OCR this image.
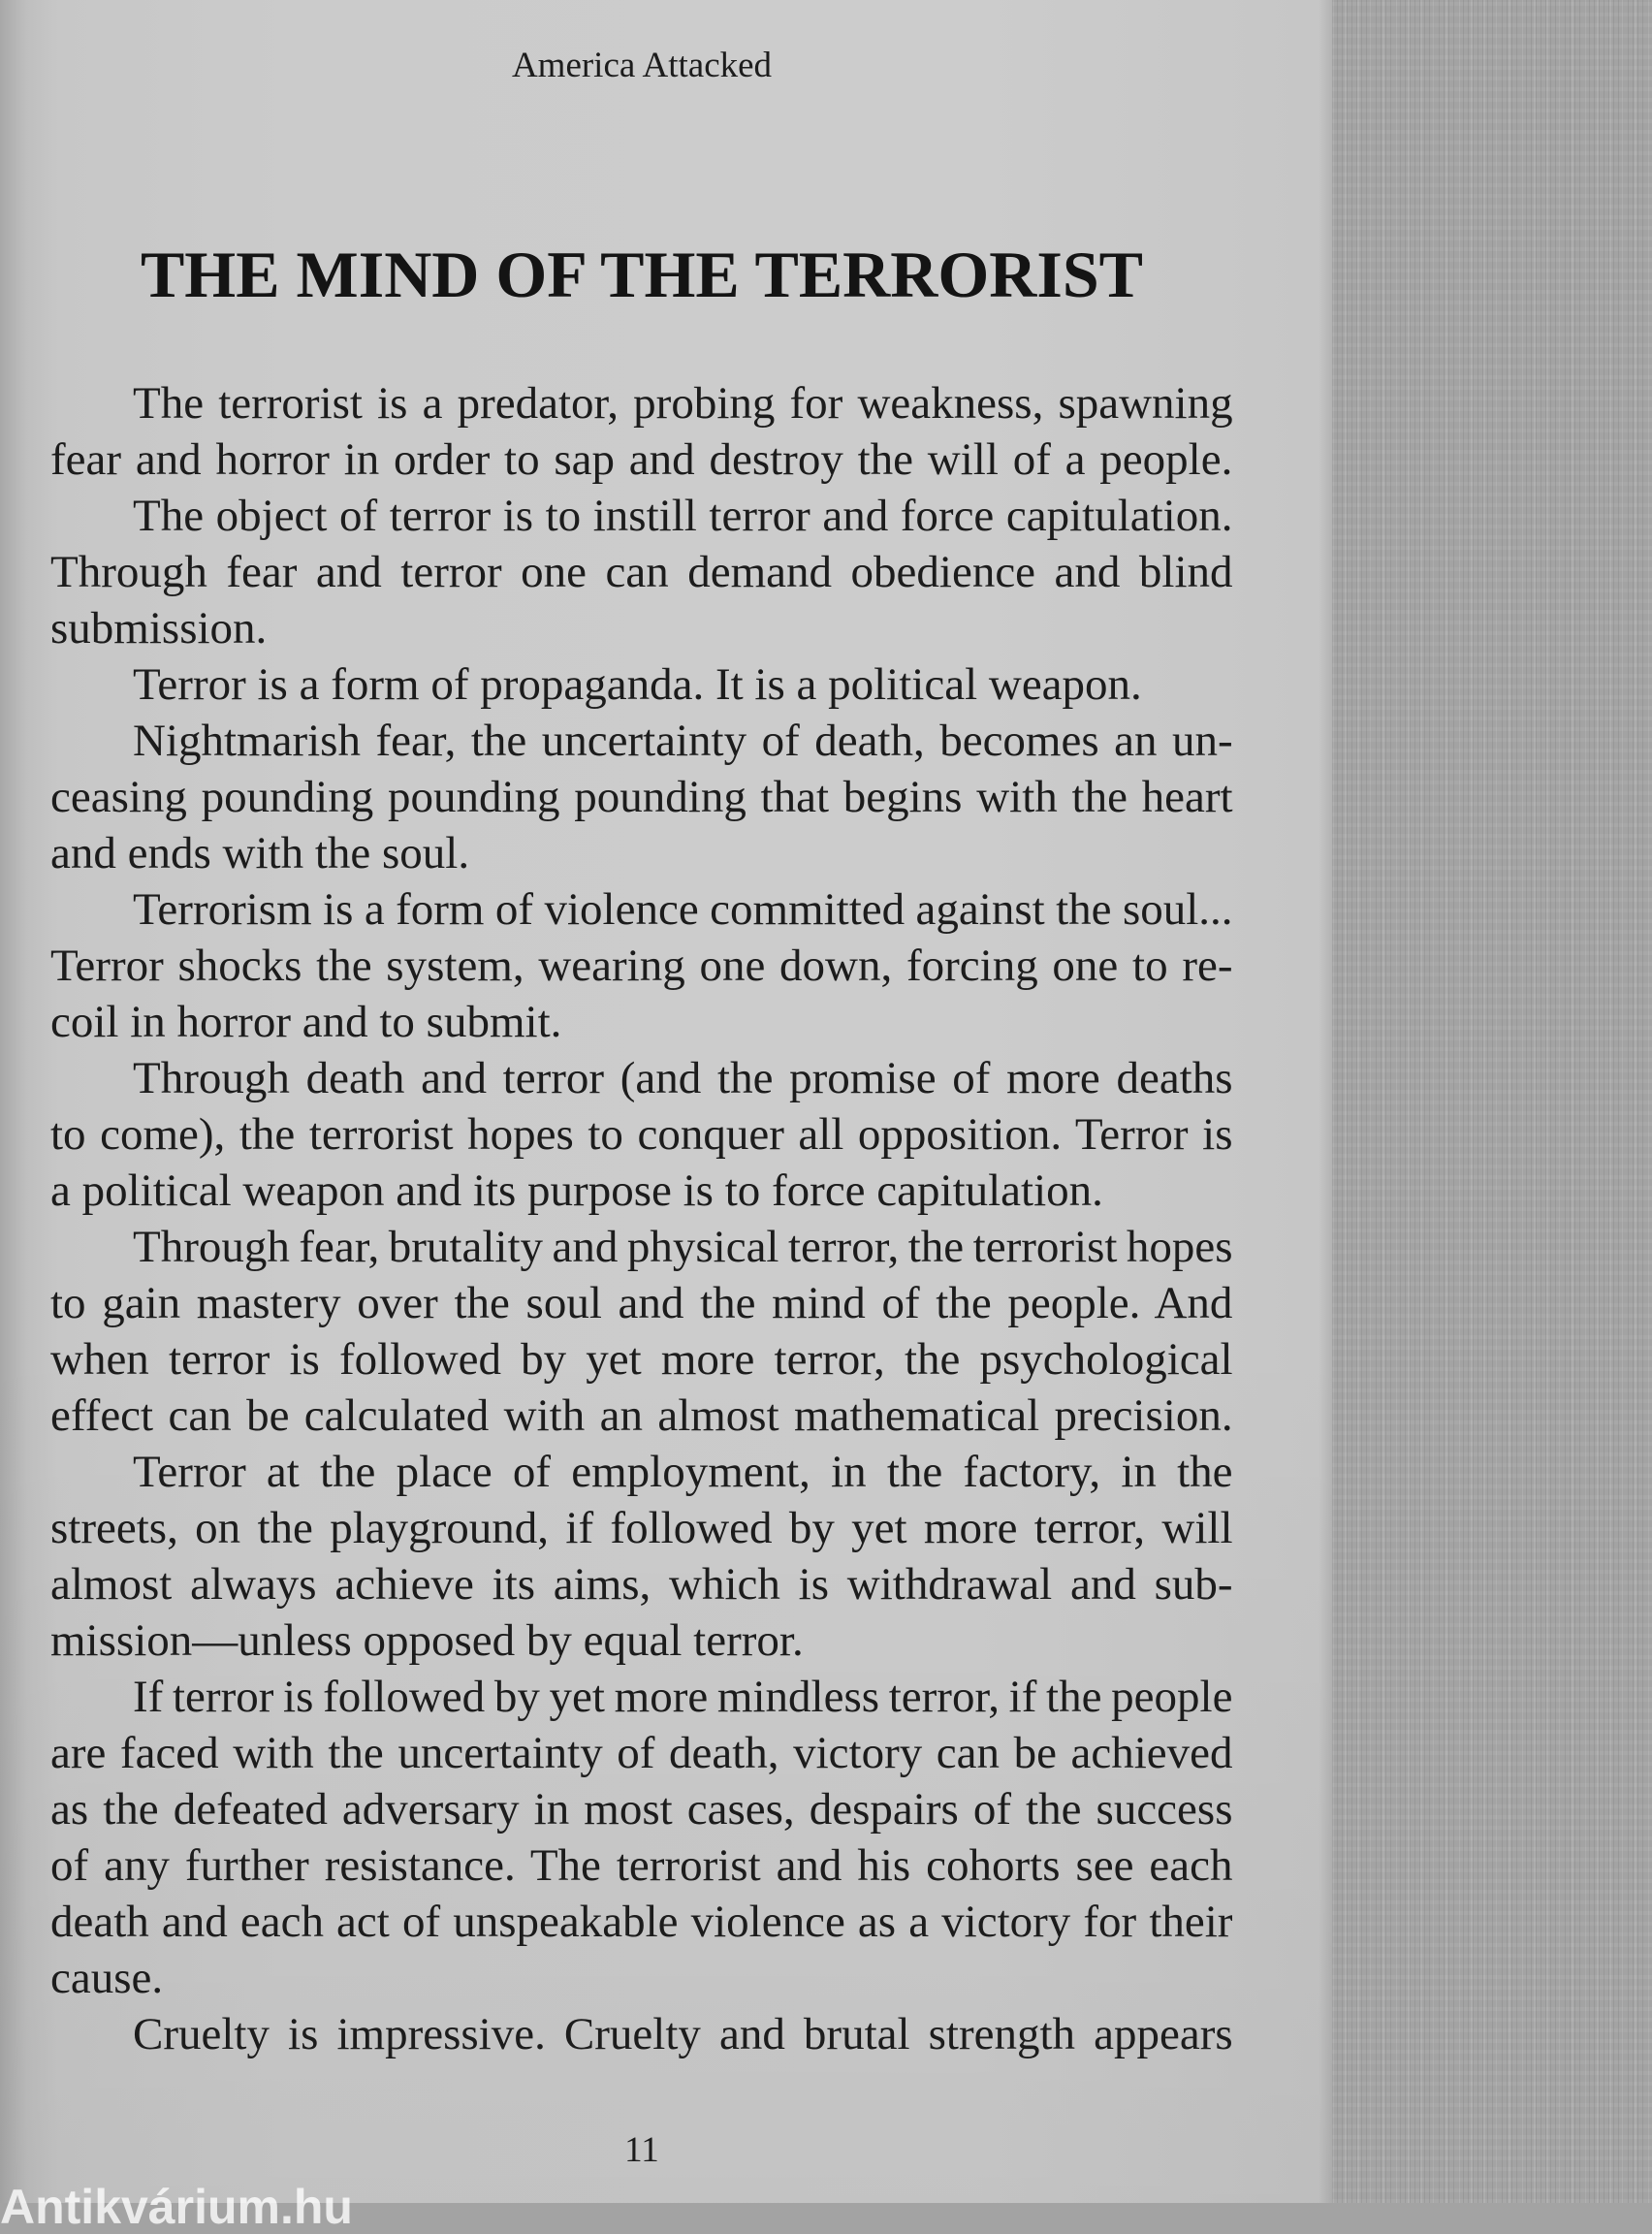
America Attacked
THE MIND OF THE TERRORIST
The terrorist is a predator, probing for weakness, spawning
fear and horror in order to sap and destroy the will of a people.
The object of terror is to instill terror and force capitulation.
Through fear and terror one can demand obedience and blind
submission.
Terror is a form of propaganda. It is a political weapon.
Nightmarish fear, the uncertainty of death, becomes an un-
ceasing pounding pounding pounding that begins with the heart
and ends with the soul.
Terrorism is a form of violence committed against the soul...
Terror shocks the system, wearing one down, forcing one to re-
coil in horror and to submit.
Through death and terror (and the promise of more deaths
to come), the terrorist hopes to conquer all opposition. Terror is
a political weapon and its purpose is to force capitulation.
Through fear, brutality and physical terror, the terrorist hopes
to gain mastery over the soul and the mind of the people. And
when terror is followed by yet more terror, the psychological
effect can be calculated with an almost mathematical precision.
Terror at the place of employment, in the factory, in the
streets, on the playground, if followed by yet more terror, will
almost always achieve its aims, which is withdrawal and sub-
mission—unless opposed by equal terror.
If terror is followed by yet more mindless terror, if the people
are faced with the uncertainty of death, victory can be achieved
as the defeated adversary in most cases, despairs of the success
of any further resistance. The terrorist and his cohorts see each
death and each act of unspeakable violence as a victory for their
cause.
Cruelty is impressive. Cruelty and brutal strength appears
11
Antikvárium.hu
